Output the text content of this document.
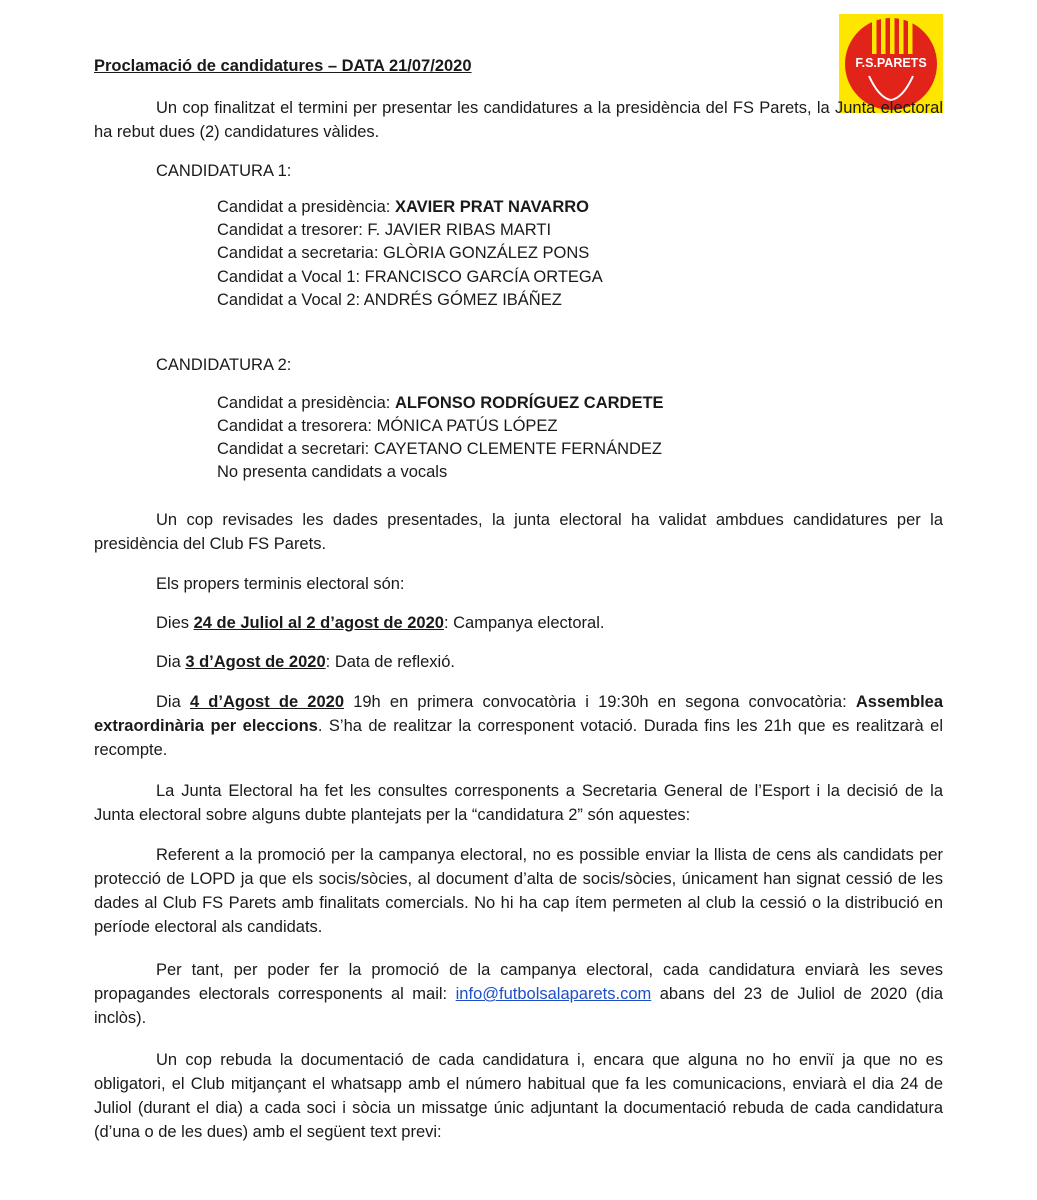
F.S.PARETS
Proclamació de candidatures – DATA 21/07/2020
Un cop finalitzat el termini per presentar les candidatures a la presidència del FS Parets, la Junta electoral ha rebut dues (2) candidatures vàlides.
CANDIDATURA 1:
Candidat a presidència: XAVIER PRAT NAVARRO
Candidat a tresorer: F. JAVIER RIBAS MARTI
Candidat a secretaria: GLÒRIA GONZÁLEZ PONS
Candidat a Vocal 1: FRANCISCO GARCÍA ORTEGA
Candidat a Vocal 2: ANDRÉS GÓMEZ IBÁÑEZ
CANDIDATURA 2:
Candidat a presidència: ALFONSO RODRÍGUEZ CARDETE
Candidat a tresorera: MÓNICA PATÚS LÓPEZ
Candidat a secretari: CAYETANO CLEMENTE FERNÁNDEZ
No presenta candidats a vocals
Un cop revisades les dades presentades, la junta electoral ha validat ambdues candidatures per la presidència del Club FS Parets.
Els propers terminis electoral són:
Dies 24 de Juliol al 2 d’agost de 2020: Campanya electoral.
Dia 3 d’Agost de 2020: Data de reflexió.
Dia 4 d’Agost de 2020 19h en primera convocatòria i 19:30h en segona convocatòria: Assemblea extraordinària per eleccions. S’ha de realitzar la corresponent votació. Durada fins les 21h que es realitzarà el recompte.
La Junta Electoral ha fet les consultes corresponents a Secretaria General de l’Esport i la decisió de la Junta electoral sobre alguns dubte plantejats per la “candidatura 2” són aquestes:
Referent a la promoció per la campanya electoral, no es possible enviar la llista de cens als candidats per protecció de LOPD ja que els socis/sòcies, al document d’alta de socis/sòcies, únicament han signat cessió de les dades al Club FS Parets amb finalitats comercials. No hi ha cap ítem permeten al club la cessió o la distribució en període electoral als candidats.
Per tant, per poder fer la promoció de la campanya electoral, cada candidatura enviarà les seves propagandes electorals corresponents al mail: info@futbolsalaparets.com abans del 23 de Juliol de 2020 (dia inclòs).
Un cop rebuda la documentació de cada candidatura i, encara que alguna no ho enviï ja que no es obligatori, el Club mitjançant el whatsapp amb el número habitual que fa les comunicacions, enviarà el dia 24 de Juliol (durant el dia) a cada soci i sòcia un missatge únic adjuntant la documentació rebuda de cada candidatura (d’una o de les dues) amb el següent text previ:
